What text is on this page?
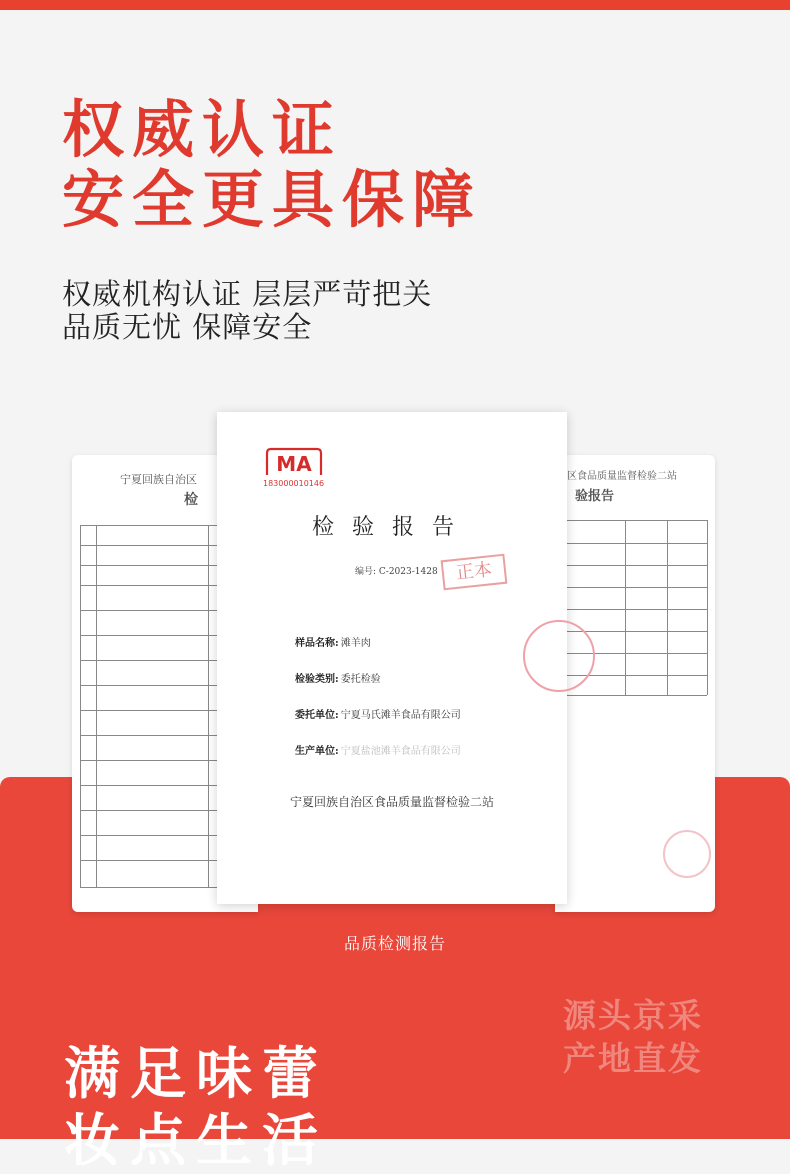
权威认证
安全更具保障
权威机构认证 层层严苛把关
品质无忧 保障安全
宁夏回族自治区
检
区食品质量监督检验二站
验报告
MA
183000010146
检验报告
编号: C-2023-1428 正本
样品名称: 滩羊肉
检验类别: 委托检验
委托单位: 宁夏马氏滩羊食品有限公司
生产单位: 宁夏盐池滩羊食品有限公司
宁夏回族自治区食品质量监督检验二站
品质检测报告
源头京采
产地直发
满足味蕾
妆点生活
